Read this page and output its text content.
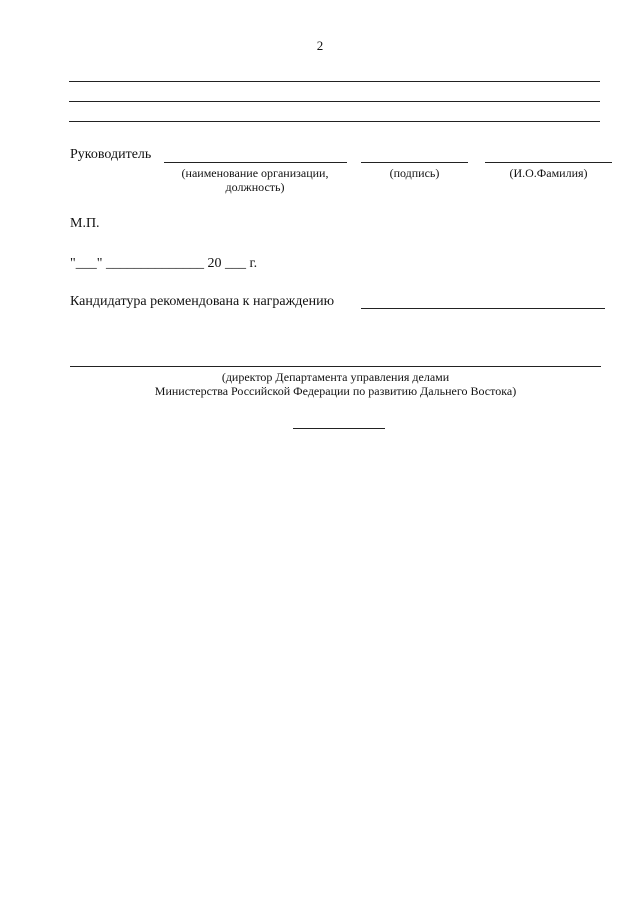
2
Руководитель
(наименование организации,
должность)
(подпись)	(И.О.Фамилия)
М.П.
"___" ______________ 20 ___ г.
Кандидатура рекомендована к награждению
(директор Департамента управления делами
Министерства Российской Федерации по развитию Дальнего Востока)
